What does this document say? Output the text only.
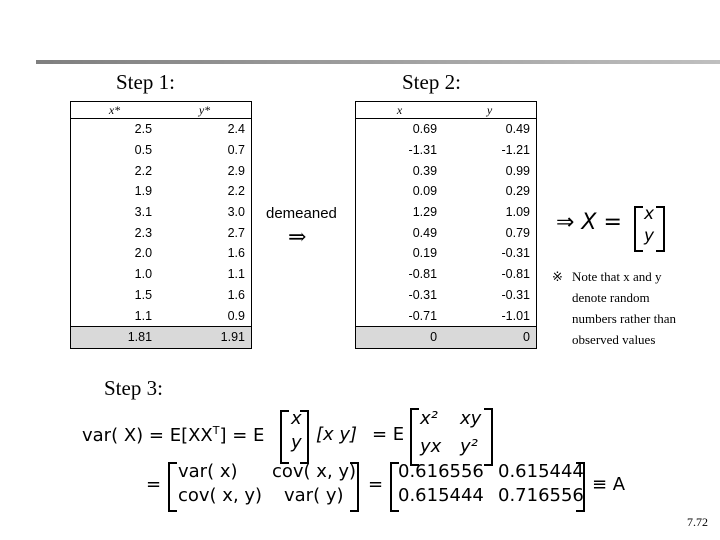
Step 1:	Step 2:
x*	y*
2.5	2.4
0.5	0.7
2.2	2.9
1.9	2.2
3.1	3.0
2.3	2.7
2.0	1.6
1.0	1.1
1.5	1.6
1.1	0.9
1.81	1.91
x	y
0.69	0.49
-1.31	-1.21
0.39	0.99
0.09	0.29
1.29	1.09
0.49	0.79
0.19	-0.31
-0.81	-0.81
-0.31	-0.31
-0.71	-1.01
0	0
demeaned
⇒
⇒ X = x
y
※ Note that x and y
denote random
numbers rather than
observed values
Step 3:
var( $X) = E[XX^T] = E$
x
y [x y] = E
x² xy
yx y²
=
var( x) cov( x, y)
cov( x, y) var( y)
=
0.616556 0.615444
0.615444 0.716556
≡ A
7.72
